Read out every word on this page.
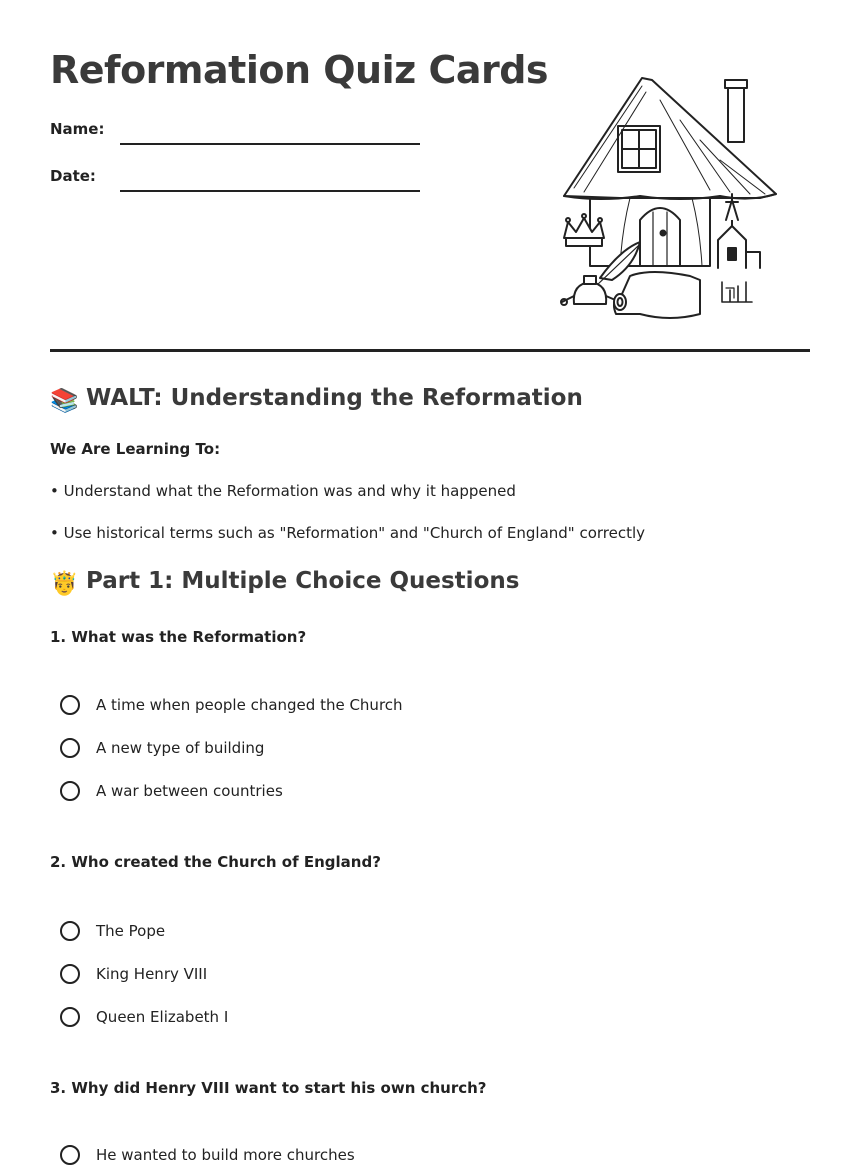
Reformation Quiz Cards
Name:
Date:
📚 WALT: Understanding the Reformation
We Are Learning To:
• Understand what the Reformation was and why it happened
• Use historical terms such as "Reformation" and "Church of England" correctly
🤴 Part 1: Multiple Choice Questions
1. What was the Reformation?
A time when people changed the Church
A new type of building
A war between countries
2. Who created the Church of England?
The Pope
King Henry VIII
Queen Elizabeth I
3. Why did Henry VIII want to start his own church?
He wanted to build more churches
